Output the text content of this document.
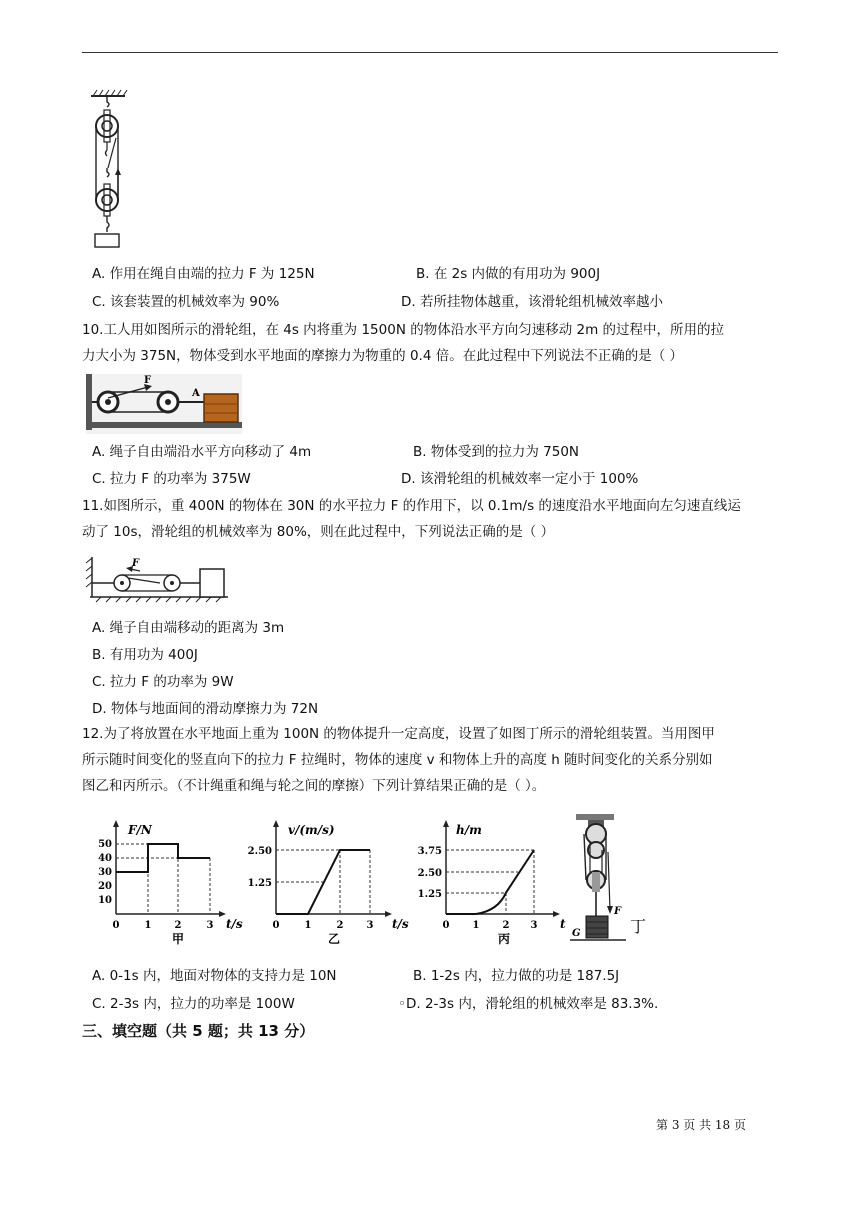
A. 作用在绳自由端的拉力 F 为 125N	B. 在 2s 内做的有用功为 900J
C. 该套装置的机械效率为 90%	D. 若所挂物体越重，该滑轮组机械效率越小
10.工人用如图所示的滑轮组，在 4s 内将重为 1500N 的物体沿水平方向匀速移动 2m 的过程中，所用的拉
力大小为 375N，物体受到水平地面的摩擦力为物重的 0.4 倍。在此过程中下列说法不正确的是（ ）
F
A
A. 绳子自由端沿水平方向移动了 4m	B. 物体受到的拉力为 750N
C. 拉力 F 的功率为 375W	D. 该滑轮组的机械效率一定小于 100%
11.如图所示，重 400N 的物体在 30N 的水平拉力 F 的作用下，以 0.1m/s 的速度沿水平地面向左匀速直线运
动了 10s，滑轮组的机械效率为 80%，则在此过程中，下列说法正确的是（ ）
F
A. 绳子自由端移动的距离为 3m
B. 有用功为 400J
C. 拉力 F 的功率为 9W
D. 物体与地面间的滑动摩擦力为 72N
12.为了将放置在水平地面上重为 100N 的物体提升一定高度，设置了如图丁所示的滑轮组装置。当用图甲
所示随时间变化的竖直向下的拉力 F 拉绳时，物体的速度 v 和物体上升的高度 h 随时间变化的关系分别如
图乙和丙所示。（不计绳重和绳与轮之间的摩擦）下列计算结果正确的是（ ）。
F/N
50
40
30
20
10
0	1 2	3 t/s
甲
v/(m/s)
2.50
1.25
0	1	2 3 t/s
乙
h/m
3.75
2.50
1.25
0 1 2 3 t
丙
F
G	丁
A. 0-1s 内，地面对物体的支持力是 10N	B. 1-2s 内，拉力做的功是 187.5J
C. 2-3s 内，拉力的功率是 100W	◦D. 2-3s 内，滑轮组的机械效率是 83.3%.
三、填空题（共 5 题；共 13 分）
第 3 页 共 18 页
